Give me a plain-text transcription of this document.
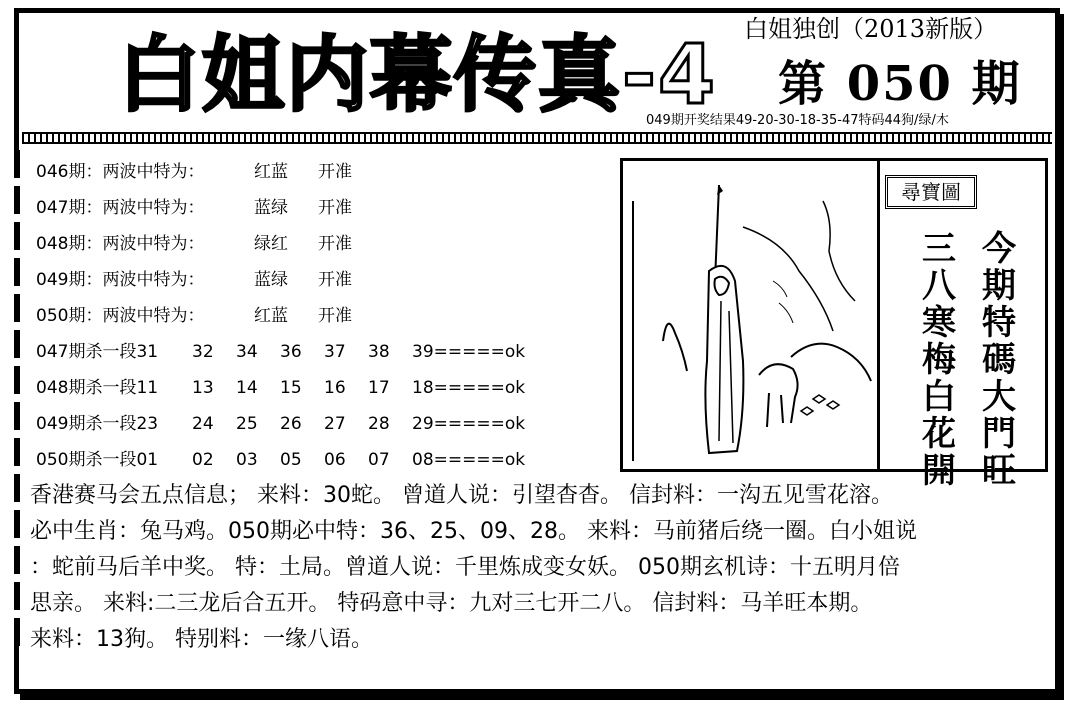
白姐内幕传真-4 白姐独创（2013新版）
第 050 期
049期开奖结果49-20-30-18-35-47特码44狗/绿/木
046期：两波中特为：	红蓝 开准
047期：两波中特为：	蓝绿 开准
048期：两波中特为：	绿红 开准
049期：两波中特为：	蓝绿 开准
050期：两波中特为：	红蓝 开准
047期杀一段31 32 34 36 37 38 39=====ok
048期杀一段11 13 14 15 16 17 18=====ok
049期杀一段23 24 25 26 27 28 29=====ok
050期杀一段01 02 03 05 06 07 08=====ok
尋寶圖
今期特碼大門旺
三八寒梅白花開
香港赛马会五点信息； 来料：30蛇。 曾道人说：引望杳杳。 信封料：一沟五见雪花溶。
必中生肖：兔马鸡。050期必中特：36、25、09、28。 来料：马前猪后绕一圈。白小姐说
：蛇前马后羊中奖。 特：土局。曾道人说：千里炼成变女妖。 050期玄机诗：十五明月倍
思亲。 来料:二三龙后合五开。 特码意中寻：九对三七开二八。 信封料：马羊旺本期。
来料：13狗。 特别料：一缘八语。
